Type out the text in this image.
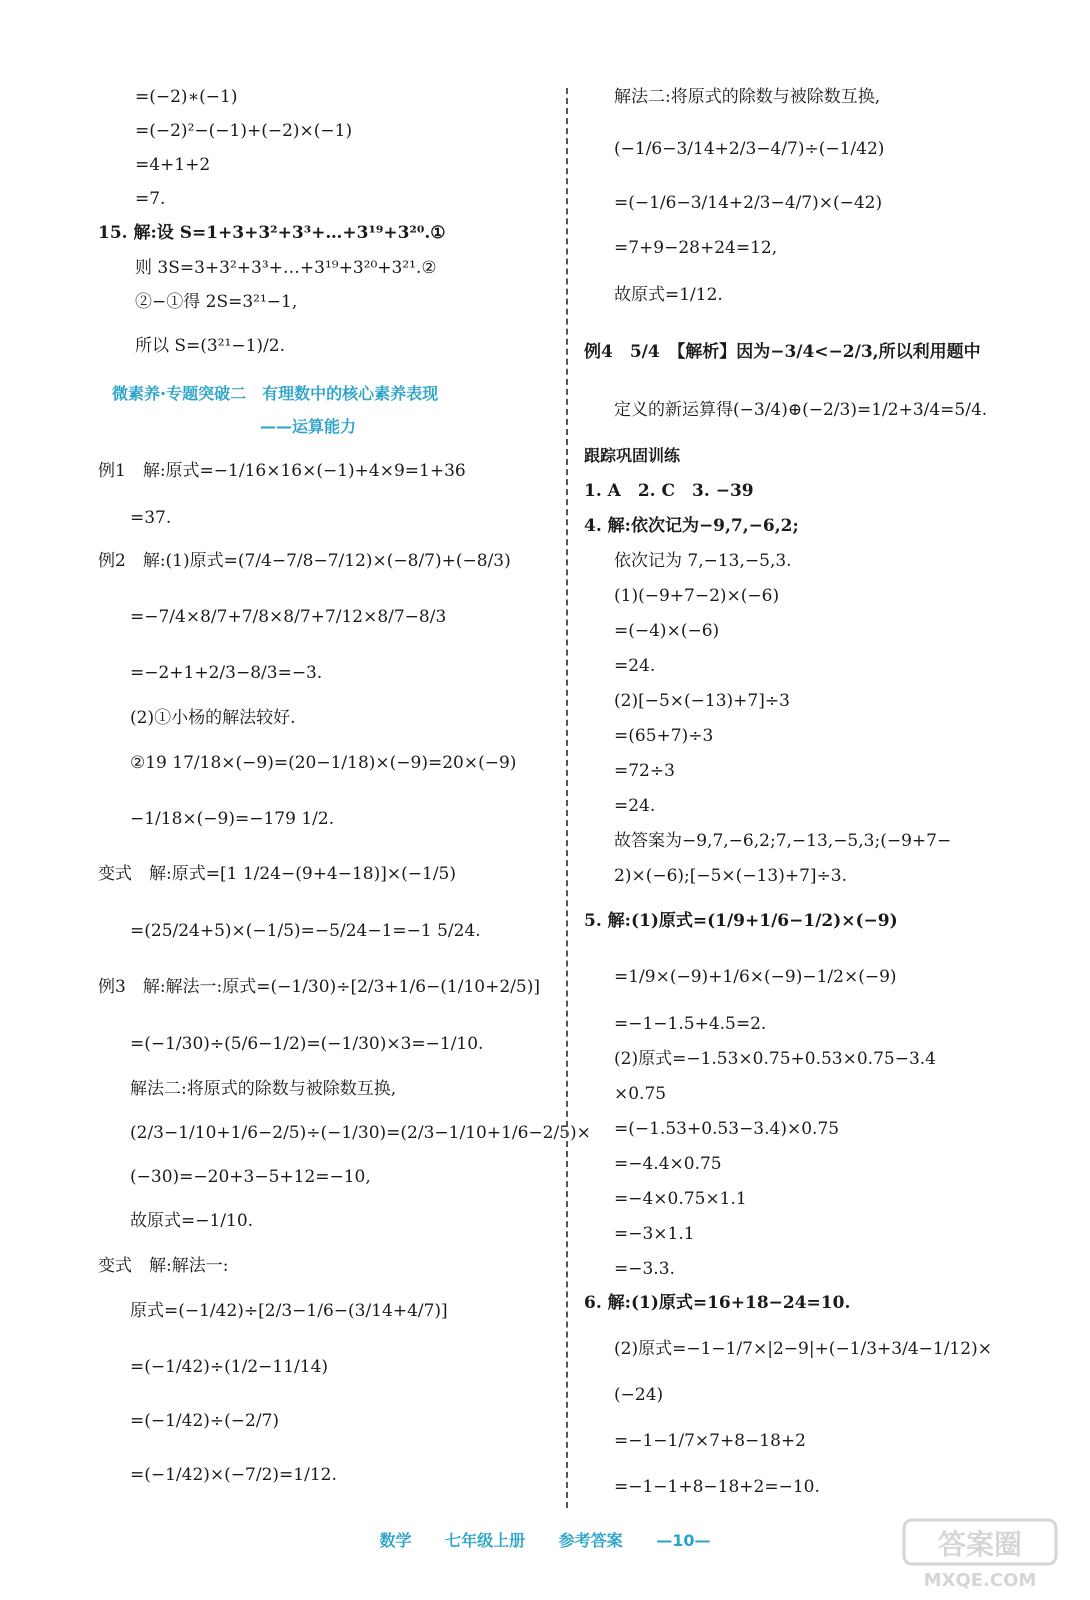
=(−2)∗(−1)
=(−2)²−(−1)+(−2)×(−1)
=4+1+2
=7.
15. 解:设 S=1+3+3²+3³+…+3¹⁹+3²⁰.①
则 3S=3+3²+3³+…+3¹⁹+3²⁰+3²¹.②
②−①得 2S=3²¹−1,
所以 S=(3²¹−1)/2.
微素养·专题突破二　有理数中的核心素养表现
——运算能力
例1　解:原式=−1/16×16×(−1)+4×9=1+36
=37.
例2　解:(1)原式=(7/4−7/8−7/12)×(−8/7)+(−8/3)
=−7/4×8/7+7/8×8/7+7/12×8/7−8/3
=−2+1+2/3−8/3=−3.
(2)①小杨的解法较好.
②19 17/18×(−9)=(20−1/18)×(−9)=20×(−9)
−1/18×(−9)=−179 1/2.
变式　解:原式=[1 1/24−(9+4−18)]×(−1/5)
=(25/24+5)×(−1/5)=−5/24−1=−1 5/24.
例3　解:解法一:原式=(−1/30)÷[2/3+1/6−(1/10+2/5)]
=(−1/30)÷(5/6−1/2)=(−1/30)×3=−1/10.
解法二:将原式的除数与被除数互换,
(2/3−1/10+1/6−2/5)÷(−1/30)=(2/3−1/10+1/6−2/5)×
(−30)=−20+3−5+12=−10,
故原式=−1/10.
变式　解:解法一:
原式=(−1/42)÷[2/3−1/6−(3/14+4/7)]
=(−1/42)÷(1/2−11/14)
=(−1/42)÷(−2/7)
=(−1/42)×(−7/2)=1/12.
解法二:将原式的除数与被除数互换,
(−1/6−3/14+2/3−4/7)÷(−1/42)
=(−1/6−3/14+2/3−4/7)×(−42)
=7+9−28+24=12,
故原式=1/12.
例4　5/4　【解析】因为−3/4<−2/3,所以利用题中
定义的新运算得(−3/4)⊕(−2/3)=1/2+3/4=5/4.
跟踪巩固训练
1. A　2. C　3. −39
4. 解:依次记为−9,7,−6,2;
依次记为 7,−13,−5,3.
(1)(−9+7−2)×(−6)
=(−4)×(−6)
=24.
(2)[−5×(−13)+7]÷3
=(65+7)÷3
=72÷3
=24.
故答案为−9,7,−6,2;7,−13,−5,3;(−9+7−
2)×(−6);[−5×(−13)+7]÷3.
5. 解:(1)原式=(1/9+1/6−1/2)×(−9)
=1/9×(−9)+1/6×(−9)−1/2×(−9)
=−1−1.5+4.5=2.
(2)原式=−1.53×0.75+0.53×0.75−3.4
×0.75
=(−1.53+0.53−3.4)×0.75
=−4.4×0.75
=−4×0.75×1.1
=−3×1.1
=−3.3.
6. 解:(1)原式=16+18−24=10.
(2)原式=−1−1/7×|2−9|+(−1/3+3/4−1/12)×
(−24)
=−1−1/7×7+8−18+2
=−1−1+8−18+2=−10.
数学 七年级上册 参考答案 —10—	答案圈
MXQE.COM
